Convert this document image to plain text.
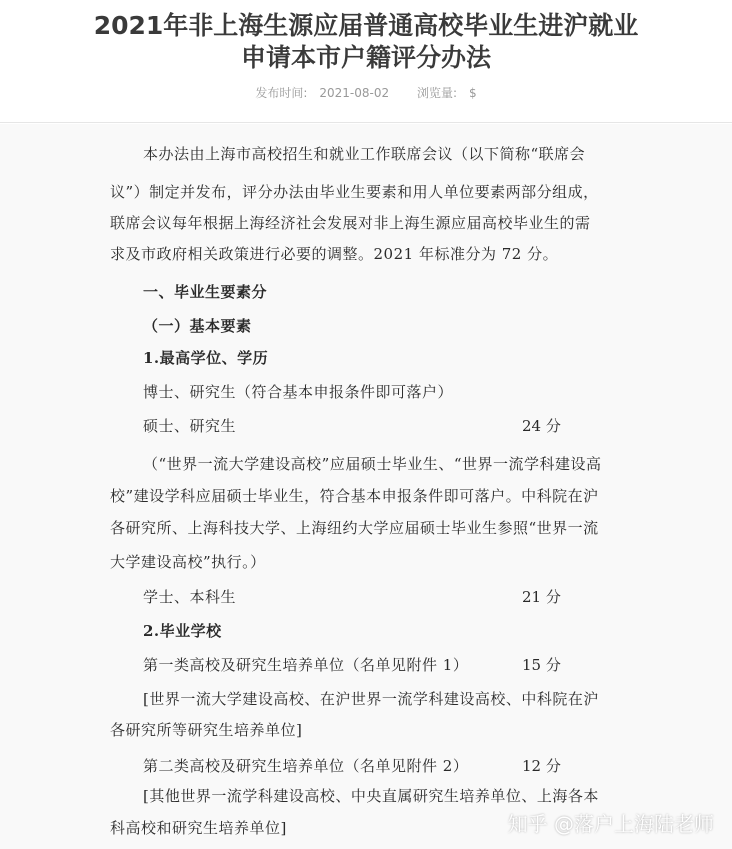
2021年非上海生源应届普通高校毕业生进沪就业
申请本市户籍评分办法
发布时间: 2021-08-02 浏览量: $
本办法由上海市高校招生和就业工作联席会议（以下简称“联席会
议”）制定并发布，评分办法由毕业生要素和用人单位要素两部分组成，
联席会议每年根据上海经济社会发展对非上海生源应届高校毕业生的需
求及市政府相关政策进行必要的调整。2021 年标准分为 72 分。
一、毕业生要素分
（一）基本要素
1.最高学位、学历
博士、研究生（符合基本申报条件即可落户）
硕士、研究生	24 分
（“世界一流大学建设高校”应届硕士毕业生、“世界一流学科建设高
校”建设学科应届硕士毕业生，符合基本申报条件即可落户。中科院在沪
各研究所、上海科技大学、上海纽约大学应届硕士毕业生参照“世界一流
大学建设高校”执行。）
学士、本科生	21 分
2.毕业学校
第一类高校及研究生培养单位（名单见附件 1）	15 分
[世界一流大学建设高校、在沪世界一流学科建设高校、中科院在沪
各研究所等研究生培养单位]
第二类高校及研究生培养单位（名单见附件 2）	12 分
[其他世界一流学科建设高校、中央直属研究生培养单位、上海各本
科高校和研究生培养单位]	知乎 @落户上海陆老师
